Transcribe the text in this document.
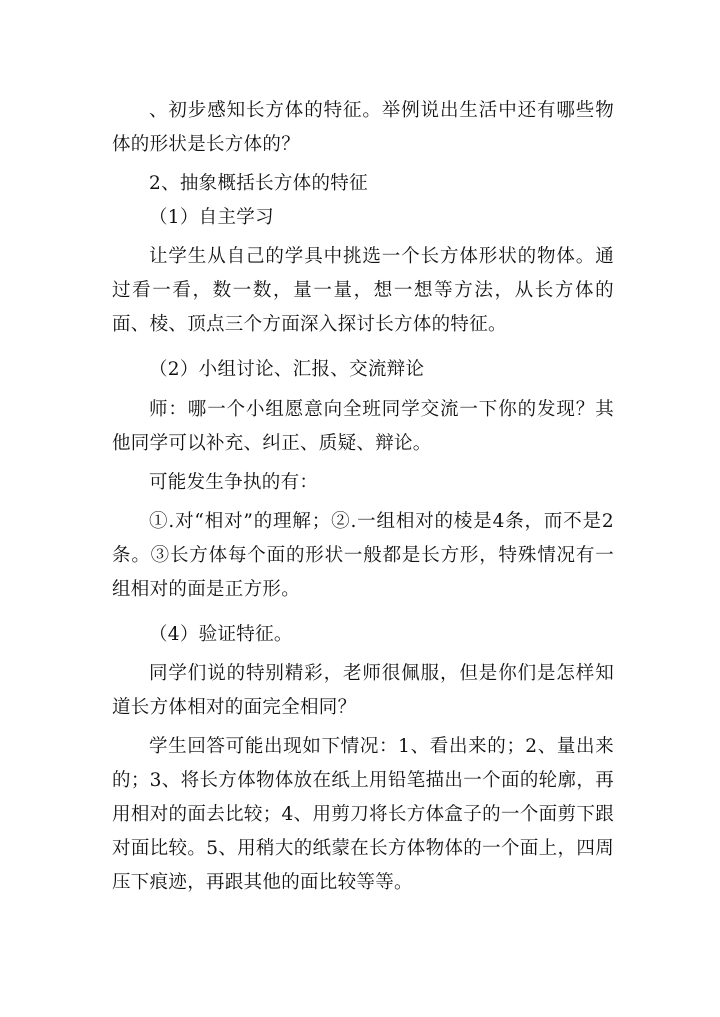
、初步感知长方体的特征。举例说出生活中还有哪些物体的形状是长方体的？

2、抽象概括长方体的特征

（1）自主学习

让学生从自己的学具中挑选一个长方体形状的物体。通过看一看，数一数，量一量，想一想等方法，从长方体的面、棱、顶点三个方面深入探讨长方体的特征。

（2）小组讨论、汇报、交流辩论

师：哪一个小组愿意向全班同学交流一下你的发现？其他同学可以补充、纠正、质疑、辩论。

可能发生争执的有：

①.对“相对”的理解；②.一组相对的棱是4条，而不是2条。③长方体每个面的形状一般都是长方形，特殊情况有一组相对的面是正方形。

（4）验证特征。

同学们说的特别精彩，老师很佩服，但是你们是怎样知道长方体相对的面完全相同？

学生回答可能出现如下情况：1、看出来的；2、量出来的；3、将长方体物体放在纸上用铅笔描出一个面的轮廓，再用相对的面去比较；4、用剪刀将长方体盒子的一个面剪下跟对面比较。5、用稍大的纸蒙在长方体物体的一个面上，四周压下痕迹，再跟其他的面比较等等。
